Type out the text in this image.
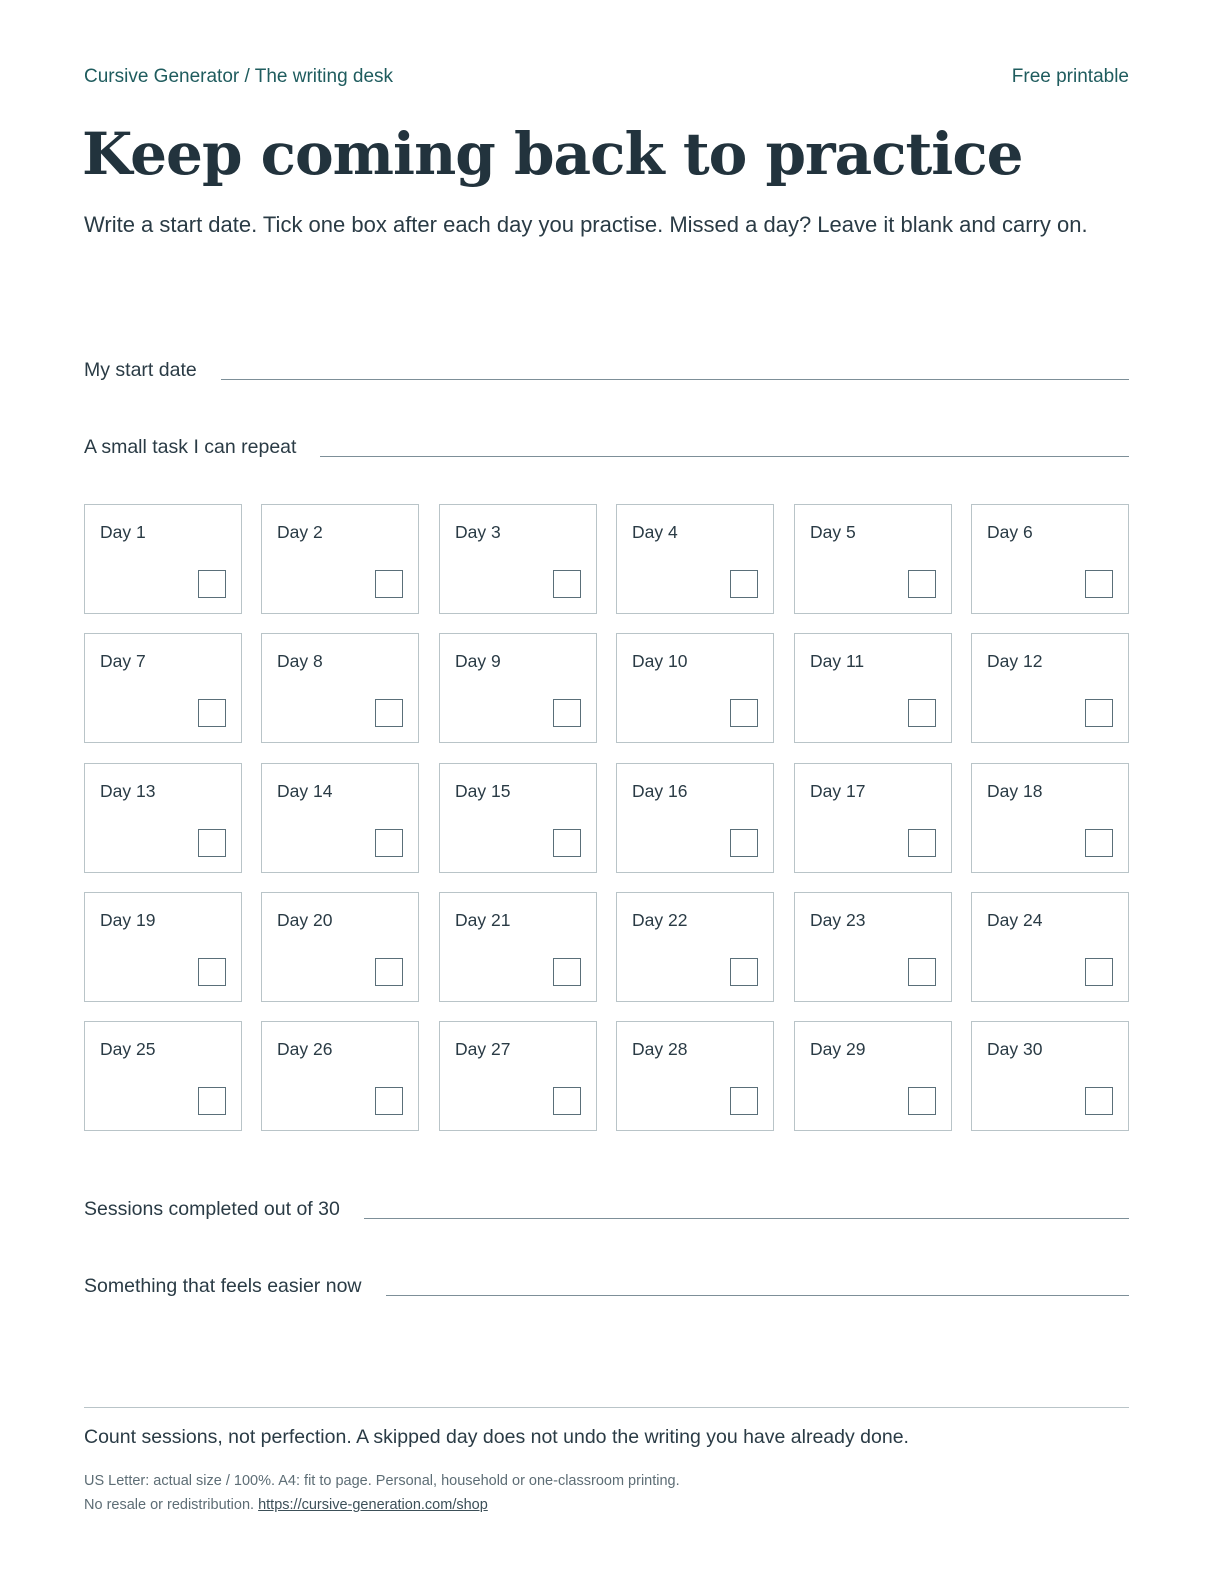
Cursive Generator / The writing desk	Free printable
Keep coming back to practice

Write a start date. Tick one box after each day you practise. Missed a day? Leave it blank and carry on.

My start date
A small task I can repeat
Day 1	Day 2	Day 3	Day 4	Day 5	Day 6
Day 7	Day 8	Day 9	Day 10	Day 11	Day 12
Day 13	Day 14	Day 15	Day 16	Day 17	Day 18
Day 19	Day 20	Day 21	Day 22	Day 23	Day 24
Day 25	Day 26	Day 27	Day 28	Day 29	Day 30
Sessions completed out of 30
Something that feels easier now

Count sessions, not perfection. A skipped day does not undo the writing you have already done.

US Letter: actual size / 100%. A4: fit to page. Personal, household or one-classroom printing.

No resale or redistribution. https://cursive-generation.com/shop
